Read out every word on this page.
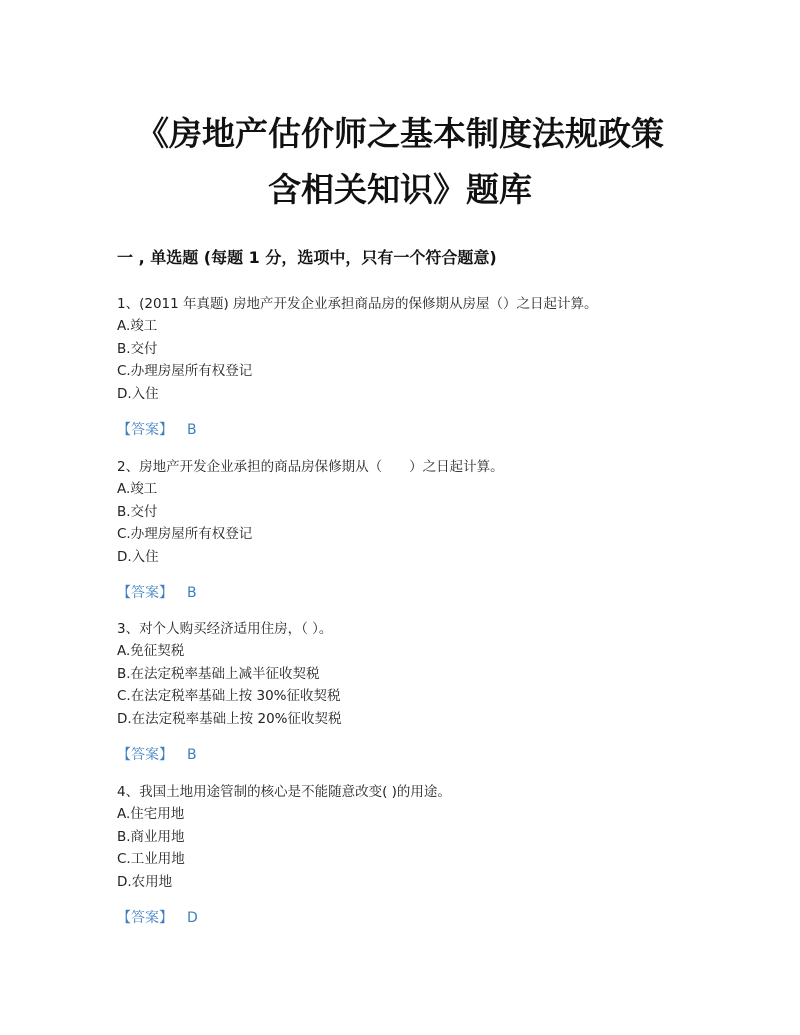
《房地产估价师之基本制度法规政策
含相关知识》题库
一 , 单选题 (每题 1 分，选项中，只有一个符合题意)
1、(2011 年真题) 房地产开发企业承担商品房的保修期从房屋（）之日起计算。
A.竣工
B.交付
C.办理房屋所有权登记
D.入住
【答案】 B
2、房地产开发企业承担的商品房保修期从（　　）之日起计算。
A.竣工
B.交付
C.办理房屋所有权登记
D.入住
【答案】 B
3、对个人购买经济适用住房，（ ）。
A.免征契税
B.在法定税率基础上减半征收契税
C.在法定税率基础上按 30%征收契税
D.在法定税率基础上按 20%征收契税
【答案】 B
4、我国土地用途管制的核心是不能随意改变( )的用途。
A.住宅用地
B.商业用地
C.工业用地
D.农用地
【答案】 D
